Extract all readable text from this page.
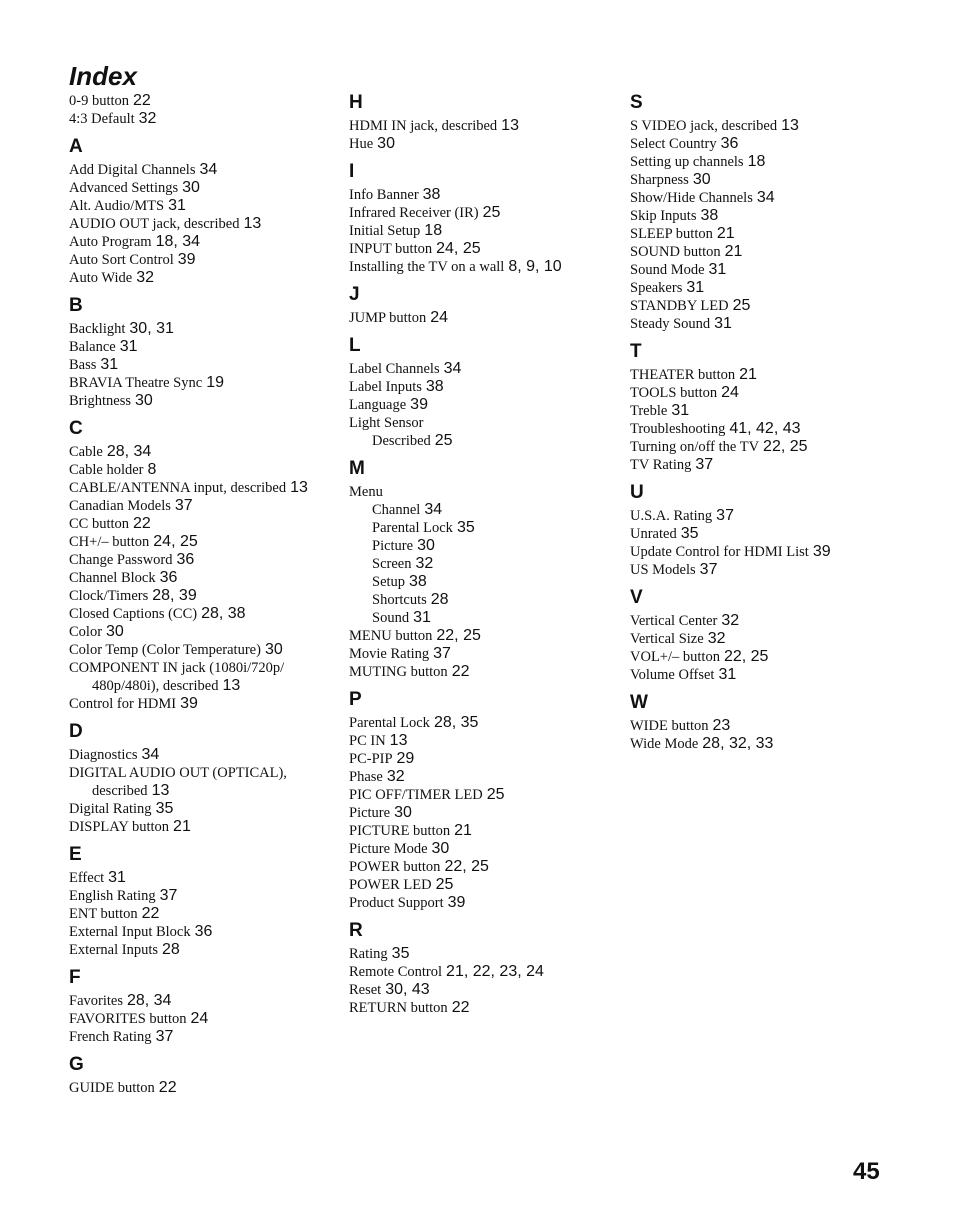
Index
0-9 button 22
4:3 Default 32
A
Add Digital Channels 34
Advanced Settings 30
Alt. Audio/MTS 31
AUDIO OUT jack, described 13
Auto Program 18, 34
Auto Sort Control 39
Auto Wide 32
B
Backlight 30, 31
Balance 31
Bass 31
BRAVIA Theatre Sync 19
Brightness 30
C
Cable 28, 34
Cable holder 8
CABLE/ANTENNA input, described 13
Canadian Models 37
CC button 22
CH+/– button 24, 25
Change Password 36
Channel Block 36
Clock/Timers 28, 39
Closed Captions (CC) 28, 38
Color 30
Color Temp (Color Temperature) 30
COMPONENT IN jack (1080i/720p/
480p/480i), described 13
Control for HDMI 39
D
Diagnostics 34
DIGITAL AUDIO OUT (OPTICAL),
described 13
Digital Rating 35
DISPLAY button 21
E
Effect 31
English Rating 37
ENT button 22
External Input Block 36
External Inputs 28
F
Favorites 28, 34
FAVORITES button 24
French Rating 37
G
GUIDE button 22
H
HDMI IN jack, described 13
Hue 30
I
Info Banner 38
Infrared Receiver (IR) 25
Initial Setup 18
INPUT button 24, 25
Installing the TV on a wall 8, 9, 10
J
JUMP button 24
L
Label Channels 34
Label Inputs 38
Language 39
Light Sensor
Described 25
M
Menu
Channel 34
Parental Lock 35
Picture 30
Screen 32
Setup 38
Shortcuts 28
Sound 31
MENU button 22, 25
Movie Rating 37
MUTING button 22
P
Parental Lock 28, 35
PC IN 13
PC-PIP 29
Phase 32
PIC OFF/TIMER LED 25
Picture 30
PICTURE button 21
Picture Mode 30
POWER button 22, 25
POWER LED 25
Product Support 39
R
Rating 35
Remote Control 21, 22, 23, 24
Reset 30, 43
RETURN button 22
S
S VIDEO jack, described 13
Select Country 36
Setting up channels 18
Sharpness 30
Show/Hide Channels 34
Skip Inputs 38
SLEEP button 21
SOUND button 21
Sound Mode 31
Speakers 31
STANDBY LED 25
Steady Sound 31
T
THEATER button 21
TOOLS button 24
Treble 31
Troubleshooting 41, 42, 43
Turning on/off the TV 22, 25
TV Rating 37
U
U.S.A. Rating 37
Unrated 35
Update Control for HDMI List 39
US Models 37
V
Vertical Center 32
Vertical Size 32
VOL+/– button 22, 25
Volume Offset 31
W
WIDE button 23
Wide Mode 28, 32, 33
45
